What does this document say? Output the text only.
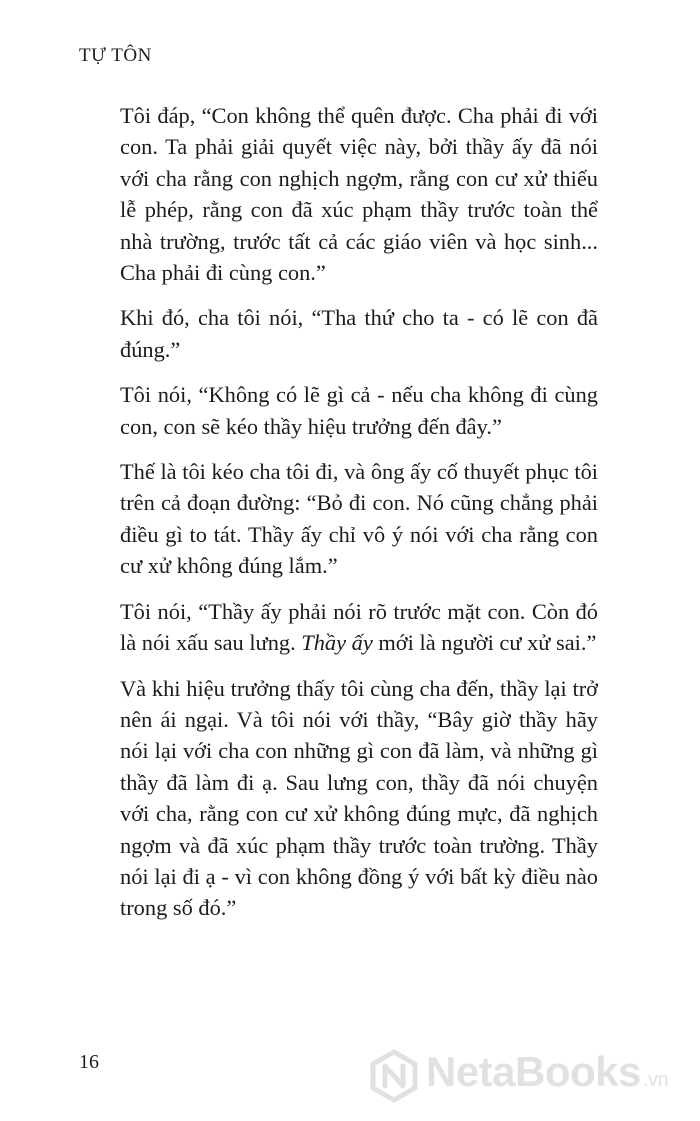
TỰ TÔN

Tôi đáp, “Con không thể quên được. Cha phải đi với con. Ta phải giải quyết việc này, bởi thầy ấy đã nói với cha rằng con nghịch ngợm, rằng con cư xử thiếu lễ phép, rằng con đã xúc phạm thầy trước toàn thể nhà trường, trước tất cả các giáo viên và học sinh... Cha phải đi cùng con.”

Khi đó, cha tôi nói, “Tha thứ cho ta - có lẽ con đã đúng.”

Tôi nói, “Không có lẽ gì cả - nếu cha không đi cùng con, con sẽ kéo thầy hiệu trưởng đến đây.”

Thế là tôi kéo cha tôi đi, và ông ấy cố thuyết phục tôi trên cả đoạn đường: “Bỏ đi con. Nó cũng chẳng phải điều gì to tát. Thầy ấy chỉ vô ý nói với cha rằng con cư xử không đúng lắm.”

Tôi nói, “Thầy ấy phải nói rõ trước mặt con. Còn đó là nói xấu sau lưng. Thầy ấy mới là người cư xử sai.”

Và khi hiệu trưởng thấy tôi cùng cha đến, thầy lại trở nên ái ngại. Và tôi nói với thầy, “Bây giờ thầy hãy nói lại với cha con những gì con đã làm, và những gì thầy đã làm đi ạ. Sau lưng con, thầy đã nói chuyện với cha, rằng con cư xử không đúng mực, đã nghịch ngợm và đã xúc phạm thầy trước toàn trường. Thầy nói lại đi ạ - vì con không đồng ý với bất kỳ điều nào trong số đó.”

16	NetaBooks .vn
